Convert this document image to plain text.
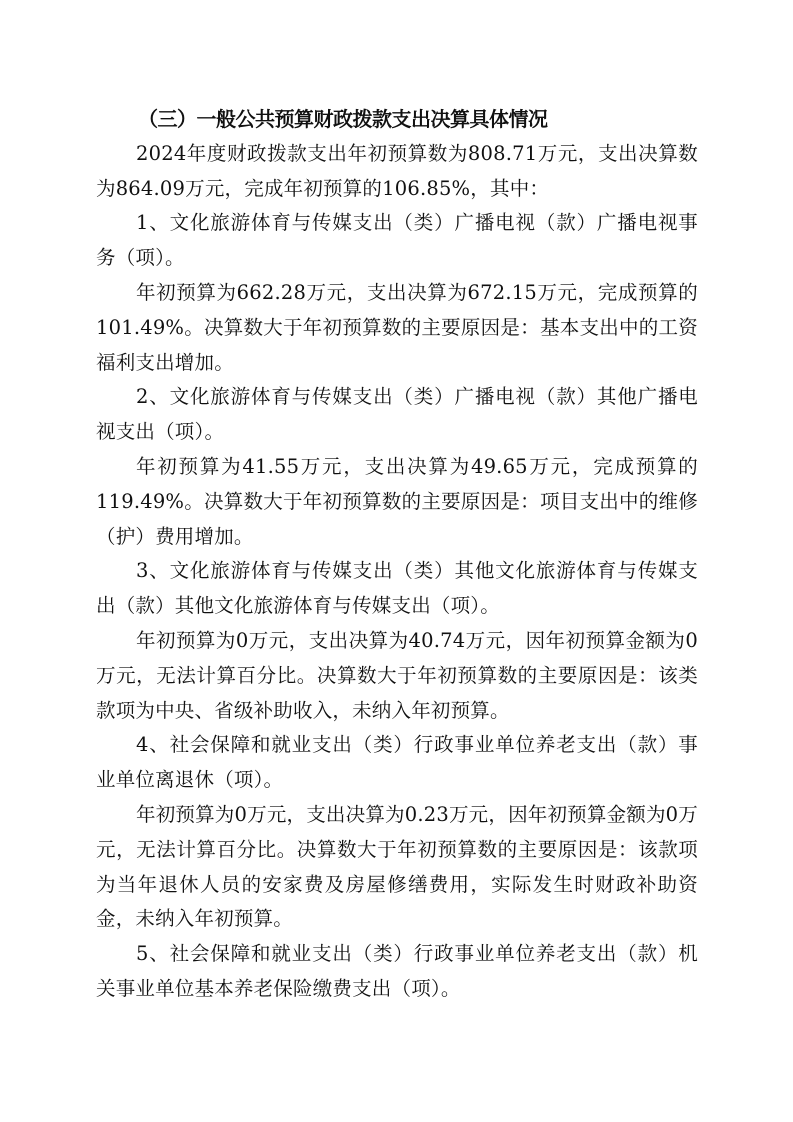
（三）一般公共预算财政拨款支出决算具体情况

2024年度财政拨款支出年初预算数为808.71万元，支出决算数为864.09万元，完成年初预算的106.85%，其中：

1、文化旅游体育与传媒支出（类）广播电视（款）广播电视事务（项）。

年初预算为662.28万元，支出决算为672.15万元，完成预算的101.49%。决算数大于年初预算数的主要原因是：基本支出中的工资福利支出增加。

2、文化旅游体育与传媒支出（类）广播电视（款）其他广播电视支出（项）。

年初预算为41.55万元，支出决算为49.65万元，完成预算的119.49%。决算数大于年初预算数的主要原因是：项目支出中的维修（护）费用增加。

3、文化旅游体育与传媒支出（类）其他文化旅游体育与传媒支出（款）其他文化旅游体育与传媒支出（项）。

年初预算为0万元，支出决算为40.74万元，因年初预算金额为0万元，无法计算百分比。决算数大于年初预算数的主要原因是：该类款项为中央、省级补助收入，未纳入年初预算。

4、社会保障和就业支出（类）行政事业单位养老支出（款）事业单位离退休（项）。

年初预算为0万元，支出决算为0.23万元，因年初预算金额为0万元，无法计算百分比。决算数大于年初预算数的主要原因是：该款项为当年退休人员的安家费及房屋修缮费用，实际发生时财政补助资金，未纳入年初预算。

5、社会保障和就业支出（类）行政事业单位养老支出（款）机关事业单位基本养老保险缴费支出（项）。
